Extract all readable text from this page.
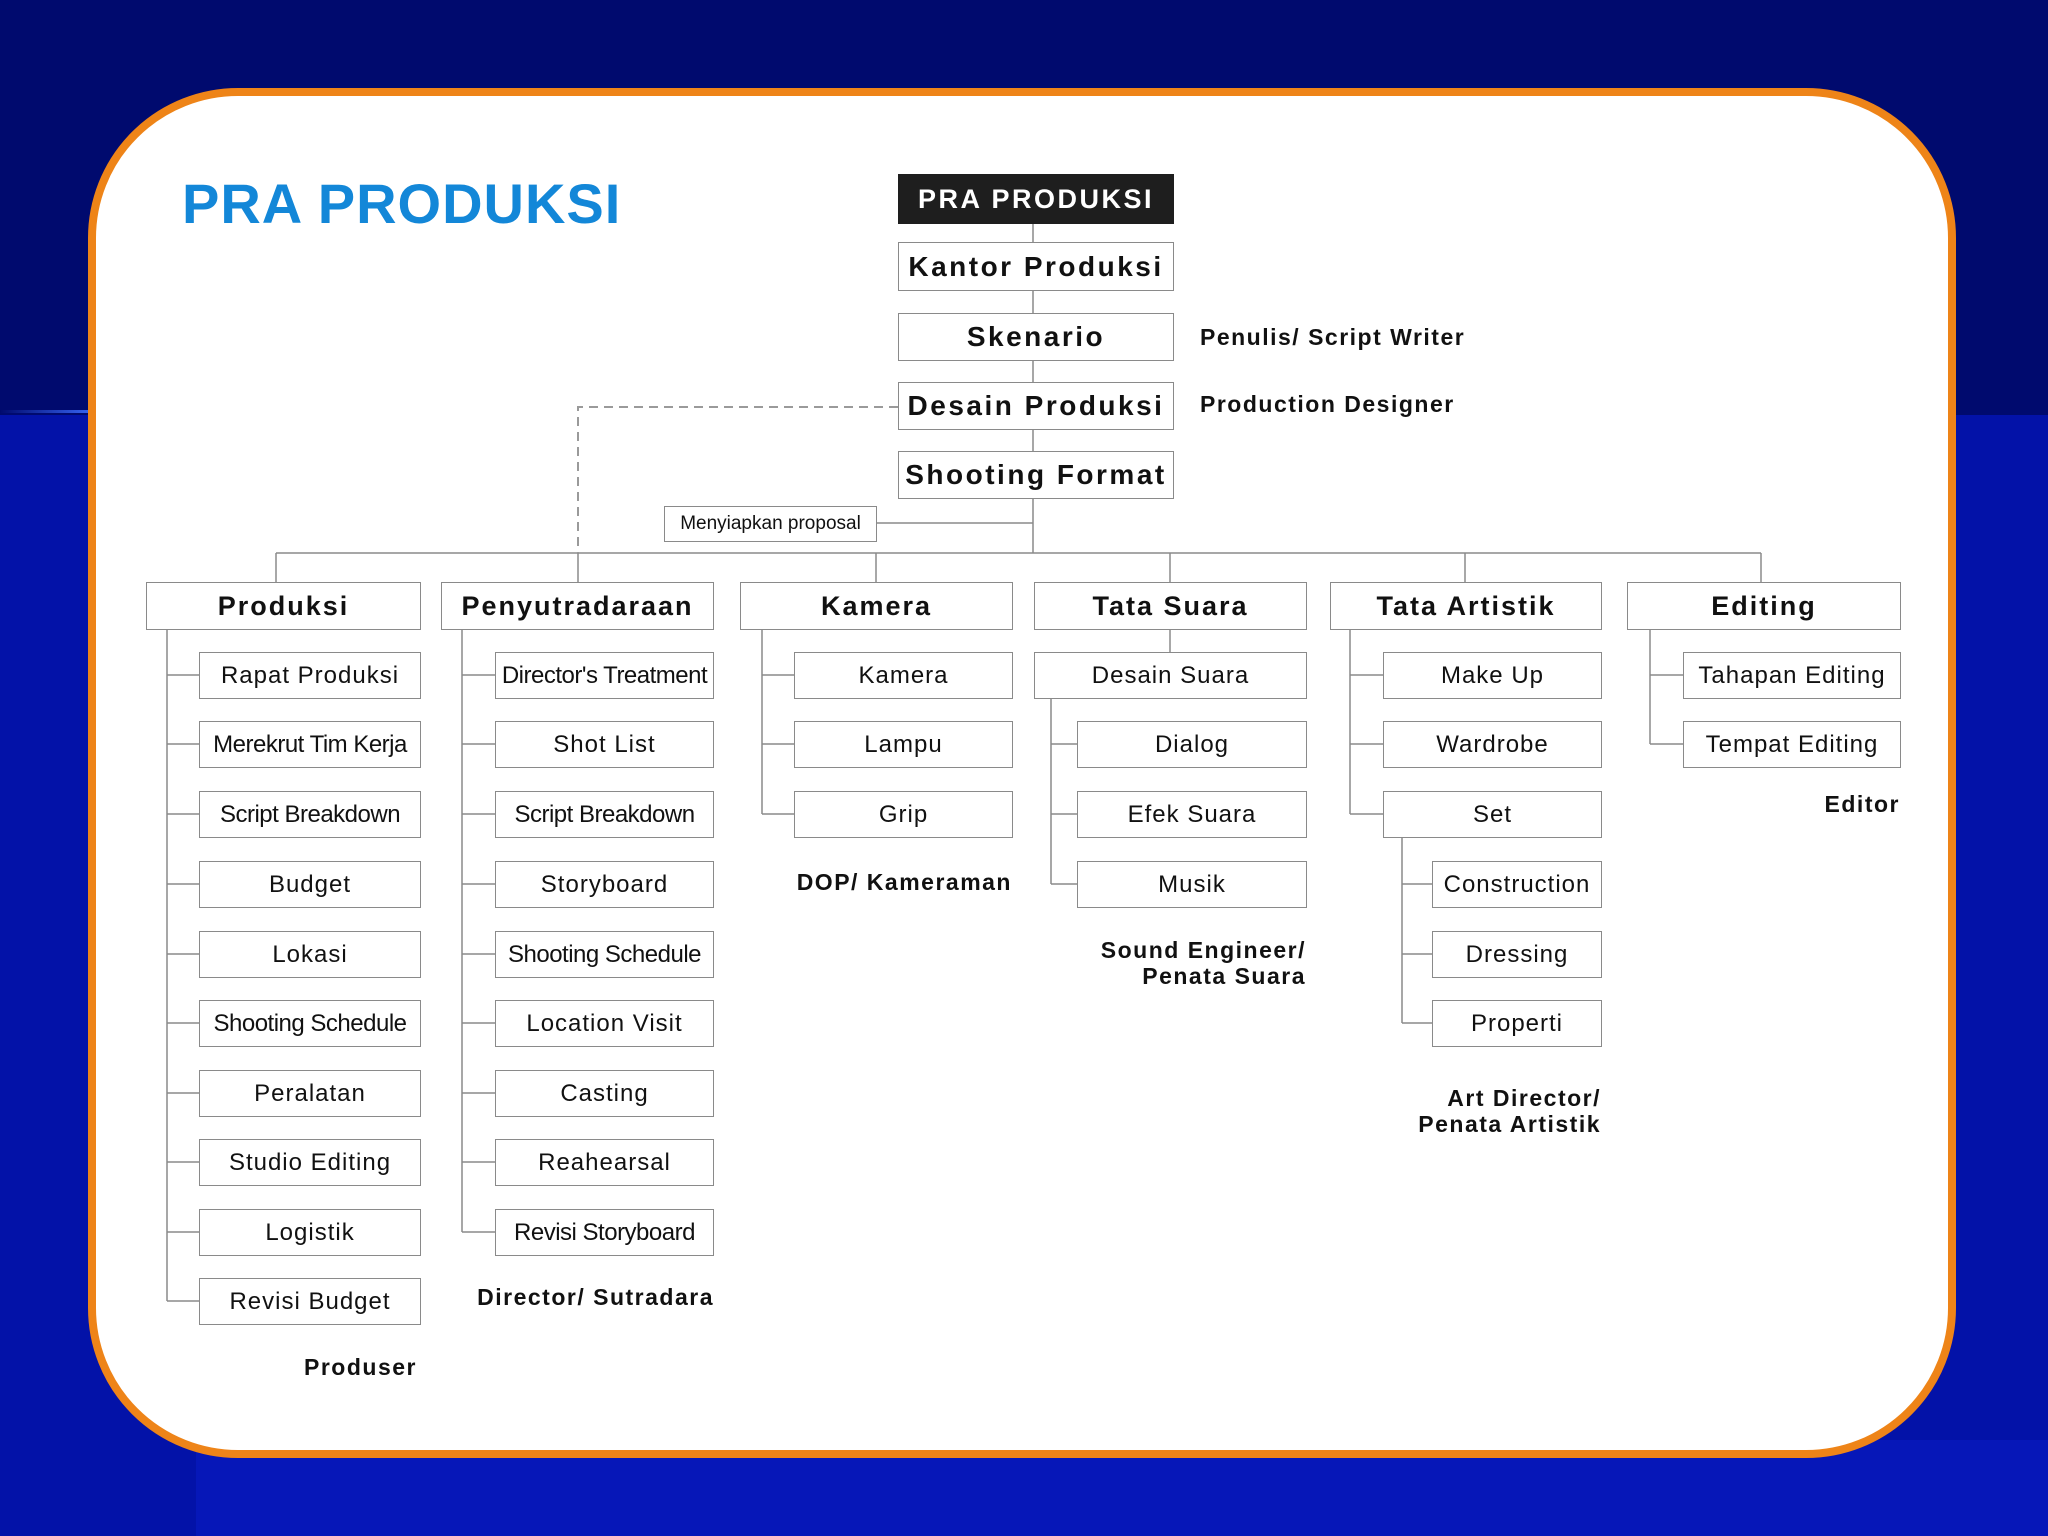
PRA PRODUKSI	PRA PRODUKSI
Kantor Produksi
Skenario
Desain Produksi
Shooting Format
Menyiapkan proposal
Penulis/ Script Writer
Production Designer
Produksi
Rapat Produksi
Merekrut Tim Kerja
Script Breakdown
Budget
Lokasi
Shooting Schedule
Peralatan
Studio Editing
Logistik
Revisi Budget
Produser
Penyutradaraan
Director's Treatment
Shot List
Script Breakdown
Storyboard
Shooting Schedule
Location Visit
Casting
Reahearsal
Revisi Storyboard
Director/ Sutradara
Kamera
Kamera
Lampu
Grip
DOP/ Kameraman
Tata Suara
Desain Suara
Dialog
Efek Suara
Musik
Sound Engineer/
Penata Suara
Tata Artistik
Make Up
Wardrobe
Set
Construction
Dressing
Properti
Art Director/
Penata Artistik
Editing
Tahapan Editing
Tempat Editing
Editor
